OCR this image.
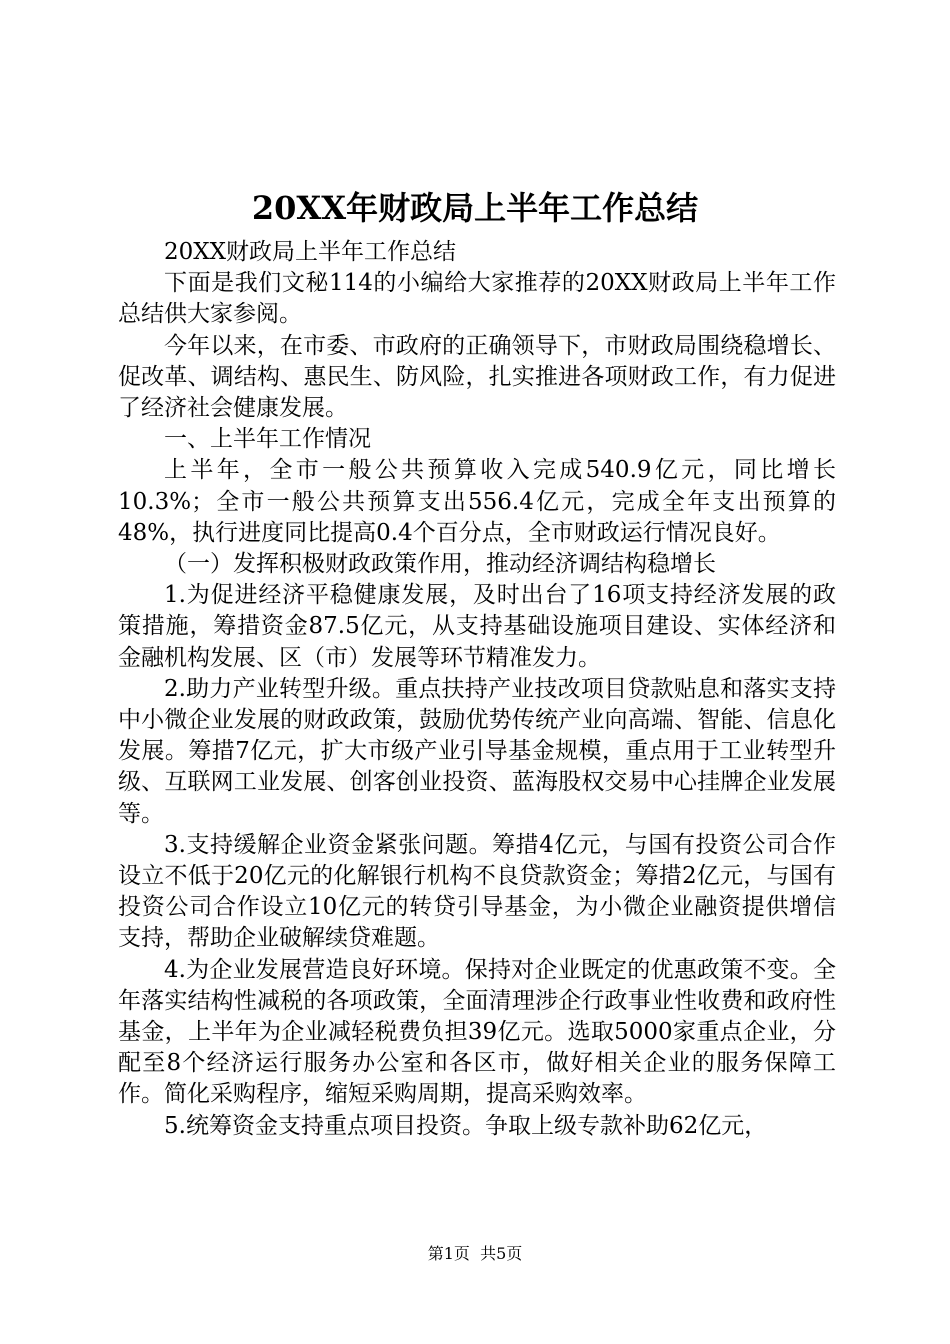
20XX年财政局上半年工作总结

20XX财政局上半年工作总结

下面是我们文秘114的小编给大家推荐的20XX财政局上半年工作总结供大家参阅。

今年以来，在市委、市政府的正确领导下，市财政局围绕稳增长、促改革、调结构、惠民生、防风险，扎实推进各项财政工作，有力促进了经济社会健康发展。

一、上半年工作情况

上半年，全市一般公共预算收入完成540.9亿元，同比增长10.3%；全市一般公共预算支出556.4亿元，完成全年支出预算的48%，执行进度同比提高0.4个百分点，全市财政运行情况良好。

（一）发挥积极财政政策作用，推动经济调结构稳增长

1.为促进经济平稳健康发展，及时出台了16项支持经济发展的政策措施，筹措资金87.5亿元，从支持基础设施项目建设、实体经济和金融机构发展、区（市）发展等环节精准发力。

2.助力产业转型升级。重点扶持产业技改项目贷款贴息和落实支持中小微企业发展的财政政策，鼓励优势传统产业向高端、智能、信息化发展。筹措7亿元，扩大市级产业引导基金规模，重点用于工业转型升级、互联网工业发展、创客创业投资、蓝海股权交易中心挂牌企业发展等。

3.支持缓解企业资金紧张问题。筹措4亿元，与国有投资公司合作设立不低于20亿元的化解银行机构不良贷款资金；筹措2亿元，与国有投资公司合作设立10亿元的转贷引导基金，为小微企业融资提供增信支持，帮助企业破解续贷难题。

4.为企业发展营造良好环境。保持对企业既定的优惠政策不变。全年落实结构性减税的各项政策，全面清理涉企行政事业性收费和政府性基金，上半年为企业减轻税费负担39亿元。选取5000家重点企业，分配至8个经济运行服务办公室和各区市，做好相关企业的服务保障工作。简化采购程序，缩短采购周期，提高采购效率。

5.统筹资金支持重点项目投资。争取上级专款补助62亿元，

第1页 共5页
